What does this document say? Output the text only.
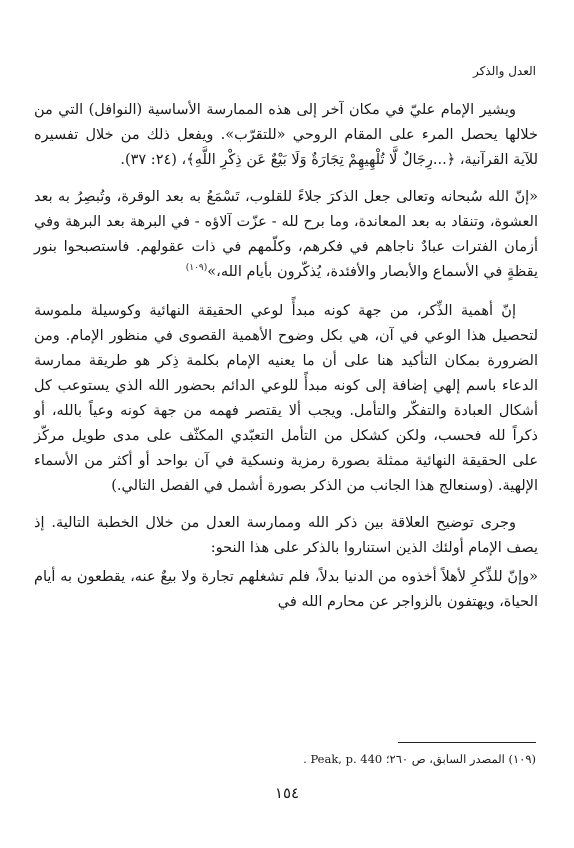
العدل والذكر

ويشير الإمام عليّ في مكان آخر إلى هذه الممارسة الأساسية (النوافل) التي من خلالها يحصل المرء على المقام الروحي «للتقرّب». ويفعل ذلك من خلال تفسيره للآية القرآنية، ﴿...رِجَالٌ لَّا تُلْهِيهِمْ تِجَارَةٌ وَلَا بَيْعٌ عَن ذِكْرِ اللَّهِ﴾، (٢٤: ٣٧).

«إنّ الله سُبحانه وتعالى جعل الذكرَ جلاءً للقلوب، تَسْمَعُ به بعد الوقرة، وتُبصِرُ به بعد العشوة، وتنقاد به بعد المعاندة، وما برح لله - عزّت آلاؤه - في البرهة بعد البرهة وفي أزمان الفترات عبادٌ ناجاهم في فكرهم، وكلّمهم في ذات عقولهم. فاستصبحوا بنور يقظةٍ في الأسماع والأبصار والأفئدة، يُذكّرون بأيام الله،»$^{(١٠٩)}$

إنّ أهمية الذِّكر، من جهة كونه مبدأً لوعي الحقيقة النهائية وكوسيلة ملموسة لتحصيل هذا الوعي في آن، هي بكل وضوح الأهمية القصوى في منظور الإمام. ومن الضرورة بمكان التأكيد هنا على أن ما يعنيه الإمام بكلمة ذِكر هو طريقة ممارسة الدعاء باسم إلهي إضافة إلى كونه مبدأً للوعي الدائم بحضور الله الذي يستوعب كل أشكال العبادة والتفكّر والتأمل. ويجب ألا يقتصر فهمه من جهة كونه وعياً بالله، أو ذكراً لله فحسب، ولكن كشكل من التأمل التعبّدي المكثّف على مدى طويل مركّز على الحقيقة النهائية ممثلة بصورة رمزية ونسكية في آن بواحد أو أكثر من الأسماء الإلهية. (وسنعالج هذا الجانب من الذكر بصورة أشمل في الفصل التالي.)

وجرى توضيح العلاقة بين ذكر الله وممارسة العدل من خلال الخطبة التالية. إذ يصف الإمام أولئك الذين استناروا بالذكر على هذا النحو:

«وإنّ للذِّكرِ لأهلاً أخذوه من الدنيا بدلاً، فلم تشغلهم تجارة ولا بيعٌ عنه، يقطعون به أيام الحياة، ويهتفون بالزواجر عن محارم الله في

(١٠٩) المصدر السابق، ص ٢٦٠؛ Peak, p. 440 .
١٥٤
